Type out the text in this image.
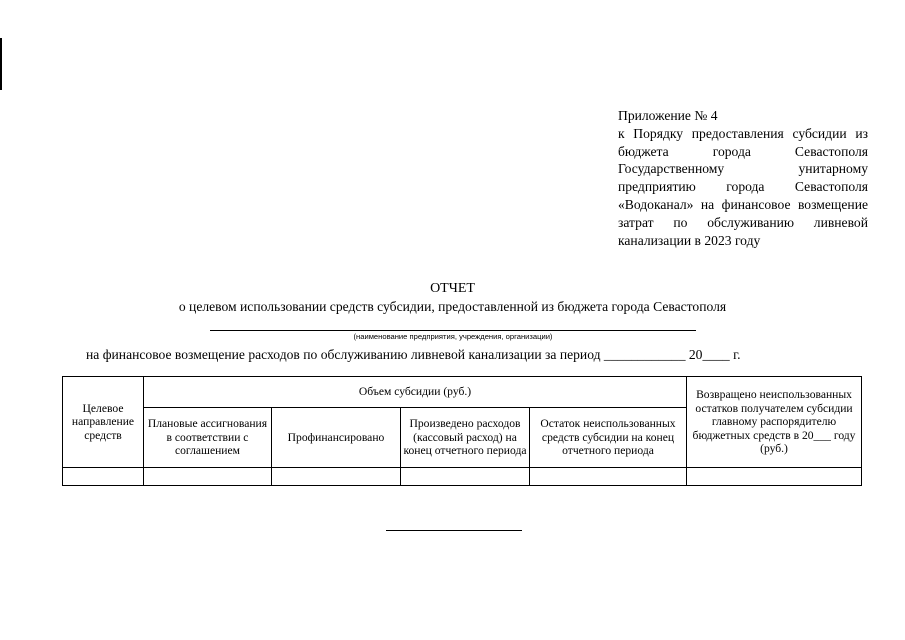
Приложение № 4
к Порядку предоставления субсидии из бюджета города Севастополя Государственному унитарному предприятию города Севастополя «Водоканал» на финансовое возмещение затрат по обслуживанию ливневой канализации в 2023 году
ОТЧЕТ
о целевом использовании средств субсидии, предоставленной из бюджета города Севастополя
(наименование предприятия, учреждения, организации)
на финансовое возмещение расходов по обслуживанию ливневой канализации за период ____________ 20____ г.
Целевое направление средств	Объем субсидии (руб.)				Возвращено неиспользованных остатков получателем субсидии главному распорядителю бюджетных средств в 20___ году (руб.)
	Плановые ассигнования в соответствии с соглашением	Профинансировано	Произведено расходов (кассовый расход) на конец отчетного периода	Остаток неиспользованных средств субсидии на конец отчетного периода	
